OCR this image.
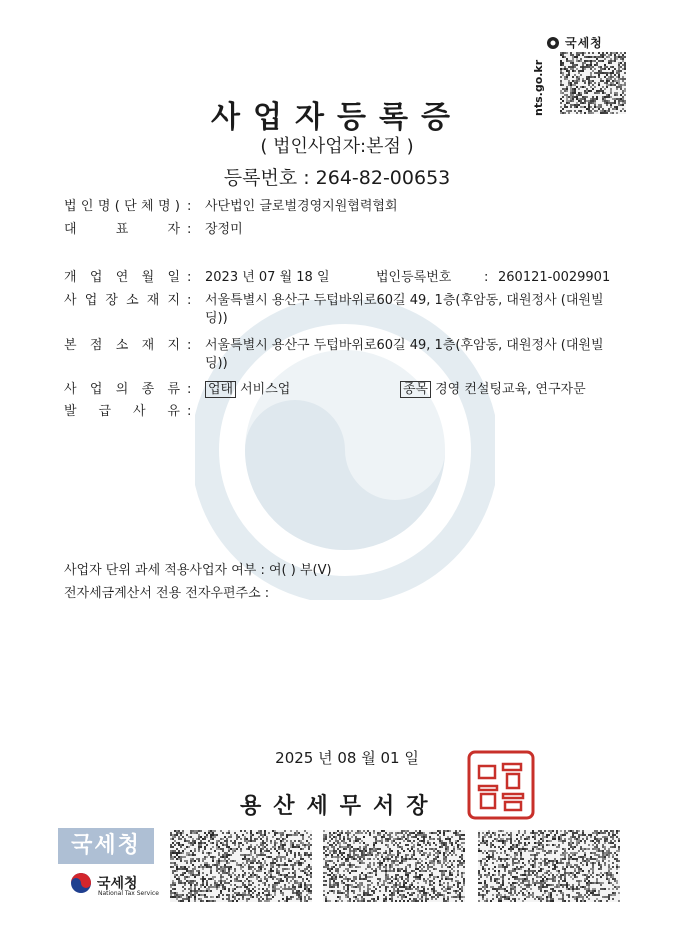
국세청
nts.go.kr
사업자등록증
( 법인사업자:본점 )
등록번호 : 264-82-00653
법 인 명 ( 단 체 명 ) : 사단법인 글로벌경영지원협력협회
대	표	자 : 장정미
개 업 연 월 일 : 2023 년 07 월 18 일	법인등록번호	: 260121-0029901
사 업 장 소 재 지 : 서울특별시 용산구 두텁바위로60길 49, 1층(후암동, 대원정사 (대원빌딩))
본 점 소 재 지 : 서울특별시 용산구 두텁바위로60길 49, 1층(후암동, 대원정사 (대원빌딩))
사 업 의 종 류 : 업태 서비스업	종목 경영 컨설팅교육, 연구자문
발 급 사 유 :
사업자 단위 과세 적용사업자 여부 : 여( ) 부(V)
전자세금계산서 전용 전자우편주소 :
2025 년 08 월 01 일
용산세무서장
국세청
국세청
National Tax Service
